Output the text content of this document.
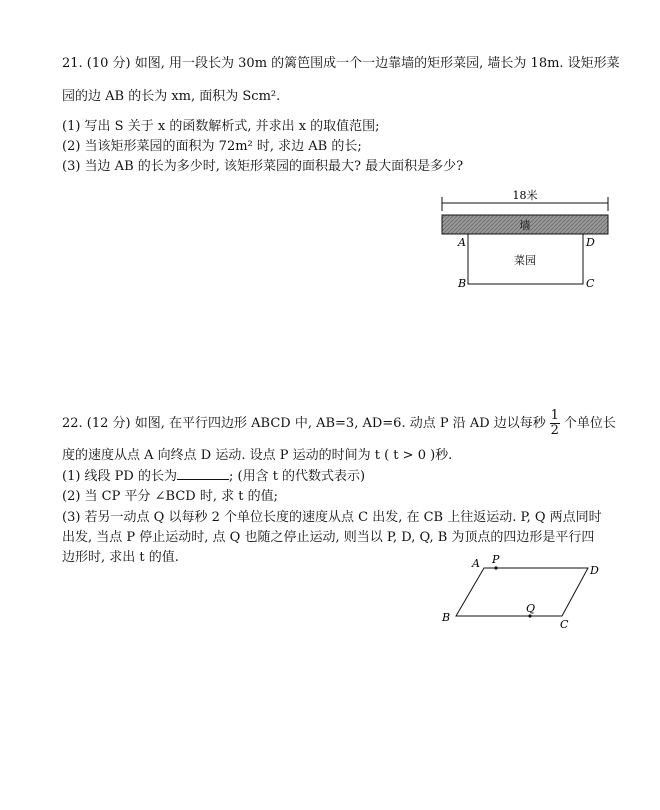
21. (10 分) 如图, 用一段长为 30m 的篱笆围成一个一边靠墙的矩形菜园, 墙长为 18m. 设矩形菜
园的边 AB 的长为 xm, 面积为 Scm².
(1) 写出 S 关于 x 的函数解析式, 并求出 x 的取值范围;
(2) 当该矩形菜园的面积为 72m² 时, 求边 AB 的长;
(3) 当边 AB 的长为多少时, 该矩形菜园的面积最大? 最大面积是多少?
18米
墙
菜园
A	D
B	C
22. (12 分) 如图, 在平行四边形 ABCD 中, AB=3, AD=6. 动点 P 沿 AD 边以每秒 $\frac{1}{2}$ 个单位长
度的速度从点 A 向终点 D 运动. 设点 P 运动的时间为 t ( t > 0 )秒.
(1) 线段 PD 的长为	; (用含 t 的代数式表示)
(2) 当 CP 平分 ∠BCD 时, 求 t 的值;
(3) 若另一动点 Q 以每秒 2 个单位长度的速度从点 C 出发, 在 CB 上往返运动. P, Q 两点同时
出发, 当点 P 停止运动时, 点 Q 也随之停止运动, 则当以 P, D, Q, B 为顶点的四边形是平行四
边形时, 求出 t 的值.	A P
D
B
Q
C
